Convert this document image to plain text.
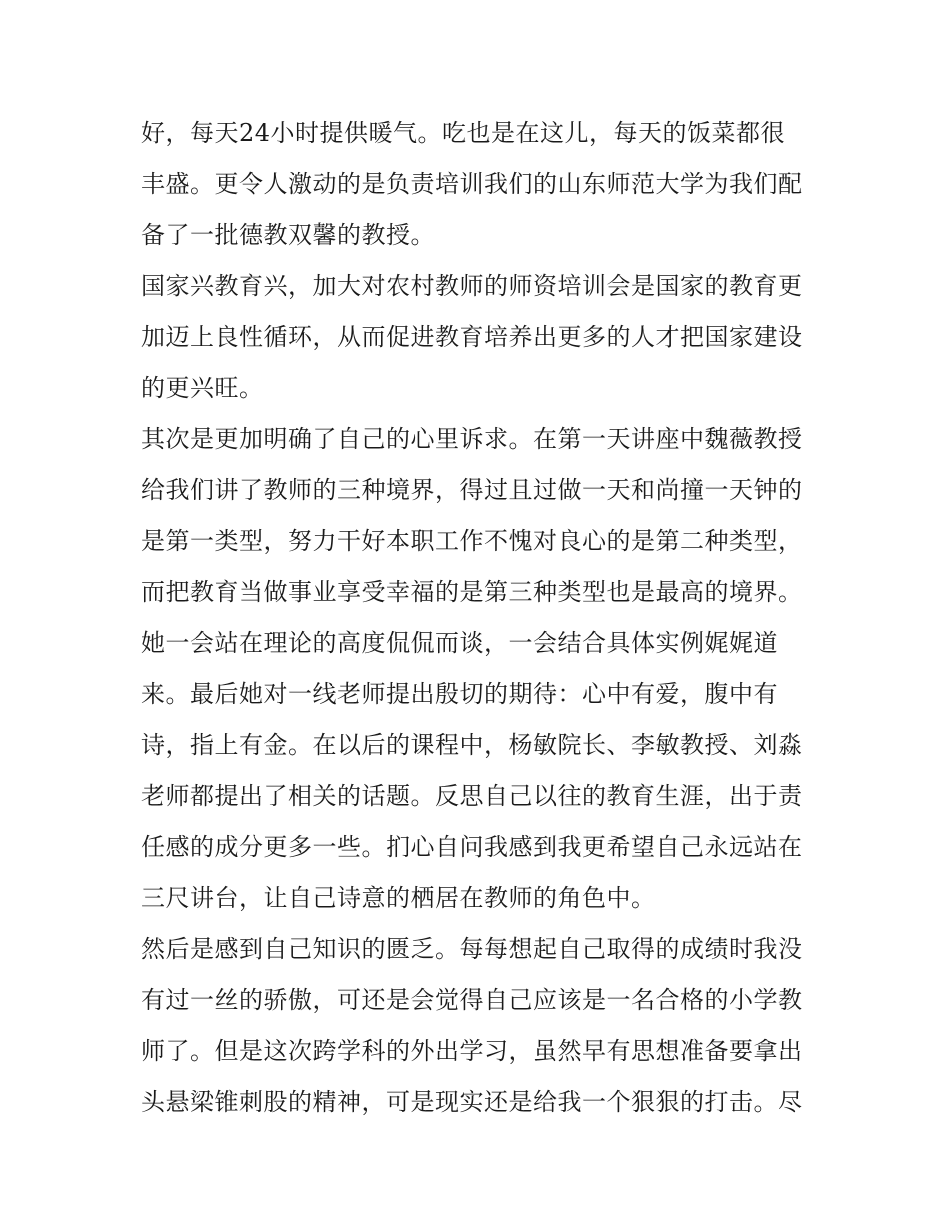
好，每天24小时提供暖气。吃也是在这儿，每天的饭菜都很
丰盛。更令人激动的是负责培训我们的山东师范大学为我们配
备了一批德教双馨的教授。
国家兴教育兴，加大对农村教师的师资培训会是国家的教育更
加迈上良性循环，从而促进教育培养出更多的人才把国家建设
的更兴旺。
其次是更加明确了自己的心里诉求。在第一天讲座中魏薇教授
给我们讲了教师的三种境界，得过且过做一天和尚撞一天钟的
是第一类型，努力干好本职工作不愧对良心的是第二种类型，
而把教育当做事业享受幸福的是第三种类型也是最高的境界。
她一会站在理论的高度侃侃而谈，一会结合具体实例娓娓道
来。最后她对一线老师提出殷切的期待：心中有爱，腹中有
诗，指上有金。在以后的课程中，杨敏院长、李敏教授、刘淼
老师都提出了相关的话题。反思自己以往的教育生涯，出于责
任感的成分更多一些。扪心自问我感到我更希望自己永远站在
三尺讲台，让自己诗意的栖居在教师的角色中。
然后是感到自己知识的匮乏。每每想起自己取得的成绩时我没
有过一丝的骄傲，可还是会觉得自己应该是一名合格的小学教
师了。但是这次跨学科的外出学习，虽然早有思想准备要拿出
头悬梁锥刺股的精神，可是现实还是给我一个狠狠的打击。尽
